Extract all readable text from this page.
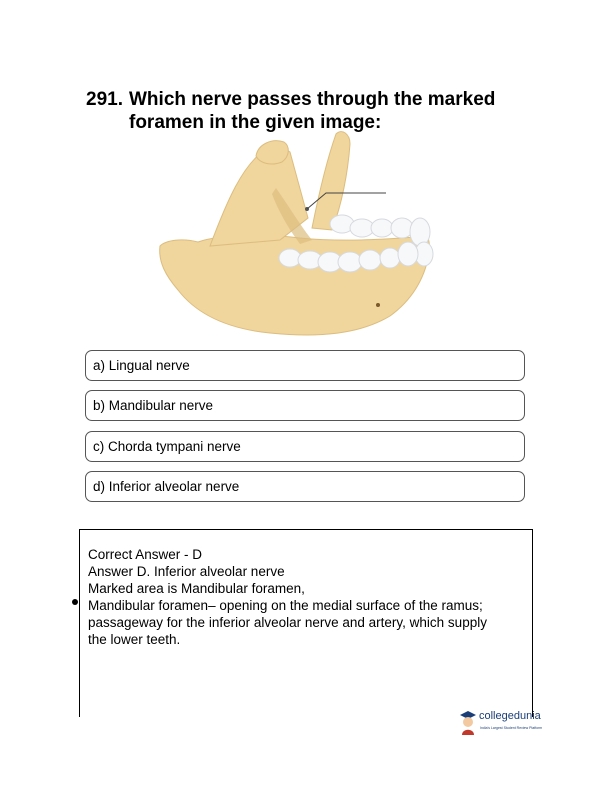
291. Which nerve passes through the marked foramen in the given image:
a) Lingual nerve
b) Mandibular nerve
c) Chorda tympani nerve
d) Inferior alveolar nerve
Correct Answer - D
Answer D. Inferior alveolar nerve
Marked area is Mandibular foramen,
Mandibular foramen– opening on the medial surface of the ramus;
passageway for the inferior alveolar nerve and artery, which supply
the lower teeth.
collegedunia
India's Largest Student Review Platform
